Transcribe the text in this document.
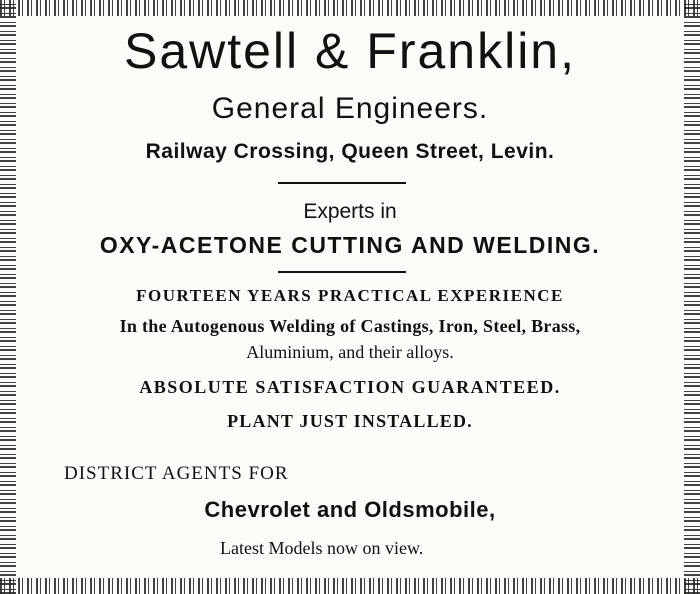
Sawtell & Franklin,
General Engineers.
Railway Crossing, Queen Street, Levin.
Experts in
OXY-ACETONE CUTTING AND WELDING.
FOURTEEN YEARS PRACTICAL EXPERIENCE
In the Autogenous Welding of Castings, Iron, Steel, Brass,
Aluminium, and their alloys.
ABSOLUTE SATISFACTION GUARANTEED.
PLANT JUST INSTALLED.
DISTRICT AGENTS FOR
Chevrolet and Oldsmobile,
Latest Models now on view.
